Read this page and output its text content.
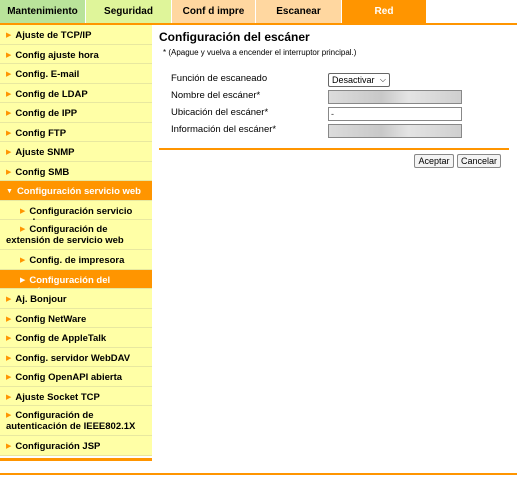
Mantenimiento	Seguridad	Conf d impre	Escanear	Red
▶ Ajuste de TCP/IP
▶ Config ajuste hora
▶ Config. E-mail
▶ Config de LDAP
▶ Config de IPP
▶ Config FTP
▶ Ajuste SNMP
▶ Config SMB
▼ Configuración servicio web
▶ Configuración servicio
▶ Configuración de extensión de servicio web
▶ Config. de impresora
▶ Configuración del
▶ Aj. Bonjour
▶ Config NetWare
▶ Config de AppleTalk
▶ Config. servidor WebDAV
▶ Config OpenAPI abierta
▶ Ajuste Socket TCP
▶ Configuración de autenticación de IEEE802.1X
▶ Configuración JSP
Configuración del escáner
* (Apague y vuelva a encender el interruptor principal.)
Función de escaneado	Desactivar ⌵
Nombre del escáner*
Ubicación del escáner*	-
Información del escáner*
Aceptar	Cancelar
